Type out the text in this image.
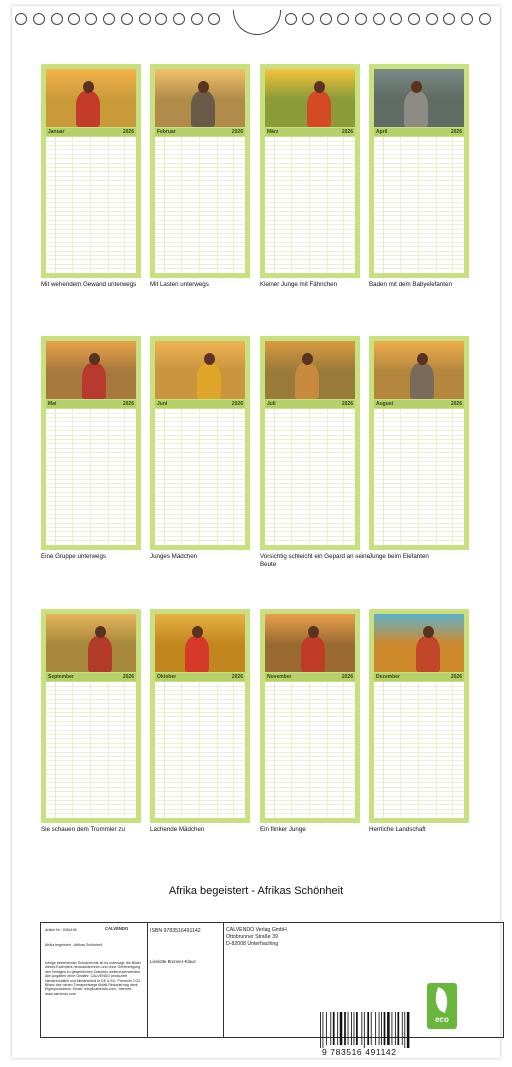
Januar	2026
Mit wehendem Gewand unterwegs
Februar	2026
Mit Lasten unterwegs
März	2026
Kleiner Junge mit Fähnchen
April	2026
Baden mit dem Babyelefanten
Mai	2026
Eine Gruppe unterwegs
Juni	2026
Junges Mädchen
Juli	2026
Vorsichtig schleicht ein Gepard an seine Beute
August	2026
Junge beim Elefanten
September	2026
Sie schauen dem Trommler zu
Oktober	2026
Lachende Mädchen
November	2026
Ein flinker Junge
Dezember	2026
Herrliche Landschaft
Afrika begeistert - Afrikas Schönheit
Artikel Nr.: 2084196	CALVENDO
Afrika begeistert - Afrikas Schönheit
Infolge bestehender Schutzrechte ist es untersagt, die Bilder dieses Kalenders herauszutrennen und ohne Genehmigung des Verlages zu gewerblichen Zwecken weiterzuverwenden. Alle Angaben ohne Gewähr. CALVENDO produziert klimafreundlich und klimaneutral in DE & EU. Premium CO2-Bilanz des neuen Transportwege Abfall-Reduzierung dank Eigenproduktion. Email: info@calvendo.com · Internet: www.calvendo.com
ISBN 9783516491142
Liselotte Brunner-Klaus
CALVENDO Verlag GmbH
Ottobrunner Straße 39
D-82008 Unterhaching
9 783516 491142
eco
